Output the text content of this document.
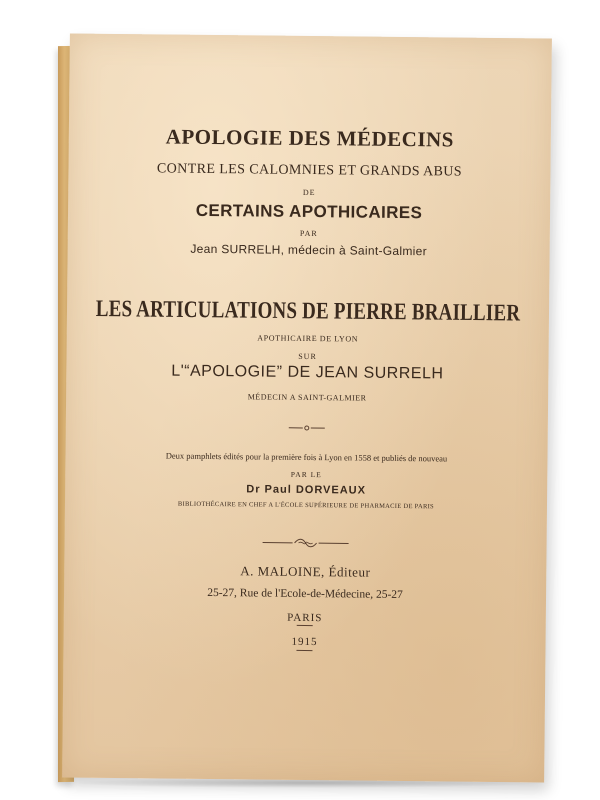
APOLOGIE DES MÉDECINS
CONTRE LES CALOMNIES ET GRANDS ABUS
DE
CERTAINS APOTHICAIRES
PAR
Jean SURRELH, médecin à Saint-Galmier
LES ARTICULATIONS DE PIERRE BRAILLIER
APOTHICAIRE DE LYON
SUR
L'“APOLOGIE” DE JEAN SURRELH
MÉDECIN A SAINT-GALMIER
Deux pamphlets édités pour la première fois à Lyon en 1558 et publiés de nouveau
PAR LE
Dr Paul DORVEAUX
BIBLIOTHÉCAIRE EN CHEF A L'ÉCOLE SUPÉRIEURE DE PHARMACIE DE PARIS
A. MALOINE, Éditeur
25-27, Rue de l'Ecole-de-Médecine, 25-27
PARIS
1915
